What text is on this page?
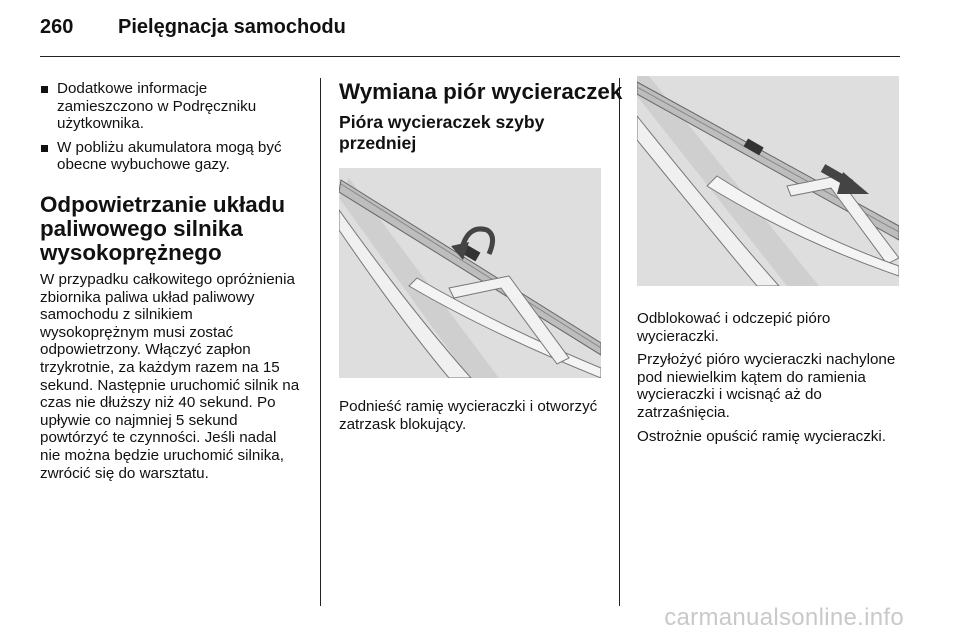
260 Pielęgnacja samochodu
Dodatkowe informacje zamieszczono w Podręczniku użytkownika.
W pobliżu akumulatora mogą być obecne wybuchowe gazy.
Odpowietrzanie układu paliwowego silnika wysokoprężnego

W przypadku całkowitego opróżnienia zbiornika paliwa układ paliwowy samochodu z silnikiem wysokoprężnym musi zostać odpowietrzony. Włączyć zapłon trzykrotnie, za każdym razem na 15 sekund. Następnie uruchomić silnik na czas nie dłuższy niż 40 sekund. Po upływie co najmniej 5 sekund powtórzyć te czynności. Jeśli nadal nie można będzie uruchomić silnika, zwrócić się do warsztatu.

Wymiana piór wycieraczek
Pióra wycieraczek szyby przedniej

Podnieść ramię wycieraczki i otworzyć zatrzask blokujący.

Odblokować i odczepić pióro wycieraczki.

Przyłożyć pióro wycieraczki nachylone pod niewielkim kątem do ramienia wycieraczki i wcisnąć aż do zatrzaśnięcia.

Ostrożnie opuścić ramię wycieraczki.

carmanualsonline.info
